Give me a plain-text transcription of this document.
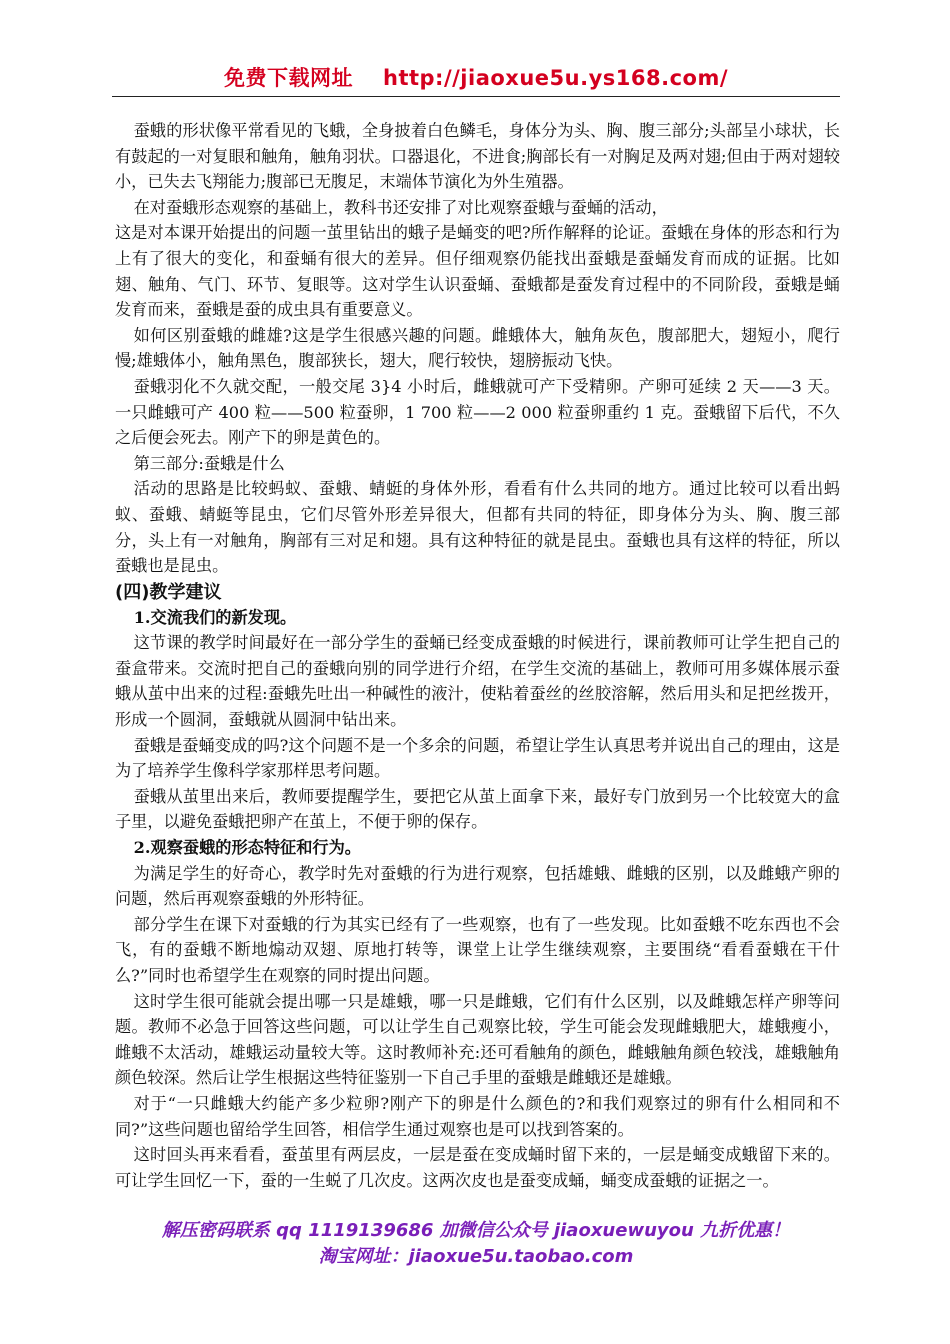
免费下载网址 http://jiaoxue5u.ys168.com/

蚕蛾的形状像平常看见的飞蛾，全身披着白色鳞毛，身体分为头、胸、腹三部分;头部呈小球状，长有鼓起的一对复眼和触角，触角羽状。口器退化，不进食;胸部长有一对胸足及两对翅;但由于两对翅较小，已失去飞翔能力;腹部已无腹足，末端体节演化为外生殖器。

在对蚕蛾形态观察的基础上，教科书还安排了对比观察蚕蛾与蚕蛹的活动，

这是对本课开始提出的问题一茧里钻出的蛾子是蛹变的吧?所作解释的论证。蚕蛾在身体的形态和行为上有了很大的变化，和蚕蛹有很大的差异。但仔细观察仍能找出蚕蛾是蚕蛹发育而成的证据。比如翅、触角、气门、环节、复眼等。这对学生认识蚕蛹、蚕蛾都是蚕发育过程中的不同阶段，蚕蛾是蛹发育而来，蚕蛾是蚕的成虫具有重要意义。

如何区别蚕蛾的雌雄?这是学生很感兴趣的问题。雌蛾体大，触角灰色，腹部肥大，翅短小，爬行慢;雄蛾体小，触角黑色，腹部狭长，翅大，爬行较快，翅膀振动飞快。

蚕蛾羽化不久就交配，一般交尾 3}4 小时后，雌蛾就可产下受精卵。产卵可延续 2 天——3 天。一只雌蛾可产 400 粒——500 粒蚕卵，1 700 粒——2 000 粒蚕卵重约 1 克。蚕蛾留下后代，不久之后便会死去。刚产下的卵是黄色的。

第三部分:蚕蛾是什么

活动的思路是比较蚂蚁、蚕蛾、蜻蜓的身体外形，看看有什么共同的地方。通过比较可以看出蚂蚁、蚕蛾、蜻蜓等昆虫，它们尽管外形差异很大，但都有共同的特征，即身体分为头、胸、腹三部分，头上有一对触角，胸部有三对足和翅。具有这种特征的就是昆虫。蚕蛾也具有这样的特征，所以蚕蛾也是昆虫。

(四)教学建议

1.交流我们的新发现。

这节课的教学时间最好在一部分学生的蚕蛹已经变成蚕蛾的时候进行，课前教师可让学生把自己的蚕盒带来。交流时把自己的蚕蛾向别的同学进行介绍，在学生交流的基础上，教师可用多媒体展示蚕蛾从茧中出来的过程:蚕蛾先吐出一种碱性的液汁，使粘着蚕丝的丝胶溶解，然后用头和足把丝拨开，形成一个圆洞，蚕蛾就从圆洞中钻出来。

蚕蛾是蚕蛹变成的吗?这个问题不是一个多余的问题，希望让学生认真思考并说出自己的理由，这是为了培养学生像科学家那样思考问题。

蚕蛾从茧里出来后，教师要提醒学生，要把它从茧上面拿下来，最好专门放到另一个比较宽大的盒子里，以避免蚕蛾把卵产在茧上，不便于卵的保存。

2.观察蚕蛾的形态特征和行为。

为满足学生的好奇心，教学时先对蚕蛾的行为进行观察，包括雄蛾、雌蛾的区别，以及雌蛾产卵的问题，然后再观察蚕蛾的外形特征。

部分学生在课下对蚕蛾的行为其实已经有了一些观察，也有了一些发现。比如蚕蛾不吃东西也不会飞，有的蚕蛾不断地煽动双翅、原地打转等，课堂上让学生继续观察，主要围绕“看看蚕蛾在干什么?”同时也希望学生在观察的同时提出问题。

这时学生很可能就会提出哪一只是雄蛾，哪一只是雌蛾，它们有什么区别，以及雌蛾怎样产卵等问题。教师不必急于回答这些问题，可以让学生自己观察比较，学生可能会发现雌蛾肥大，雄蛾瘦小，雌蛾不太活动，雄蛾运动量较大等。这时教师补充:还可看触角的颜色，雌蛾触角颜色较浅，雄蛾触角颜色较深。然后让学生根据这些特征鉴别一下自己手里的蚕蛾是雌蛾还是雄蛾。

对于“一只雌蛾大约能产多少粒卵?刚产下的卵是什么颜色的?和我们观察过的卵有什么相同和不同?”这些问题也留给学生回答，相信学生通过观察也是可以找到答案的。

这时回头再来看看，蚕茧里有两层皮，一层是蚕在变成蛹时留下来的，一层是蛹变成蛾留下来的。可让学生回忆一下，蚕的一生蜕了几次皮。这两次皮也是蚕变成蛹，蛹变成蚕蛾的证据之一。

解压密码联系 qq 1119139686 加微信公众号 jiaoxuewuyou 九折优惠！
淘宝网址：jiaoxue5u.taobao.com
